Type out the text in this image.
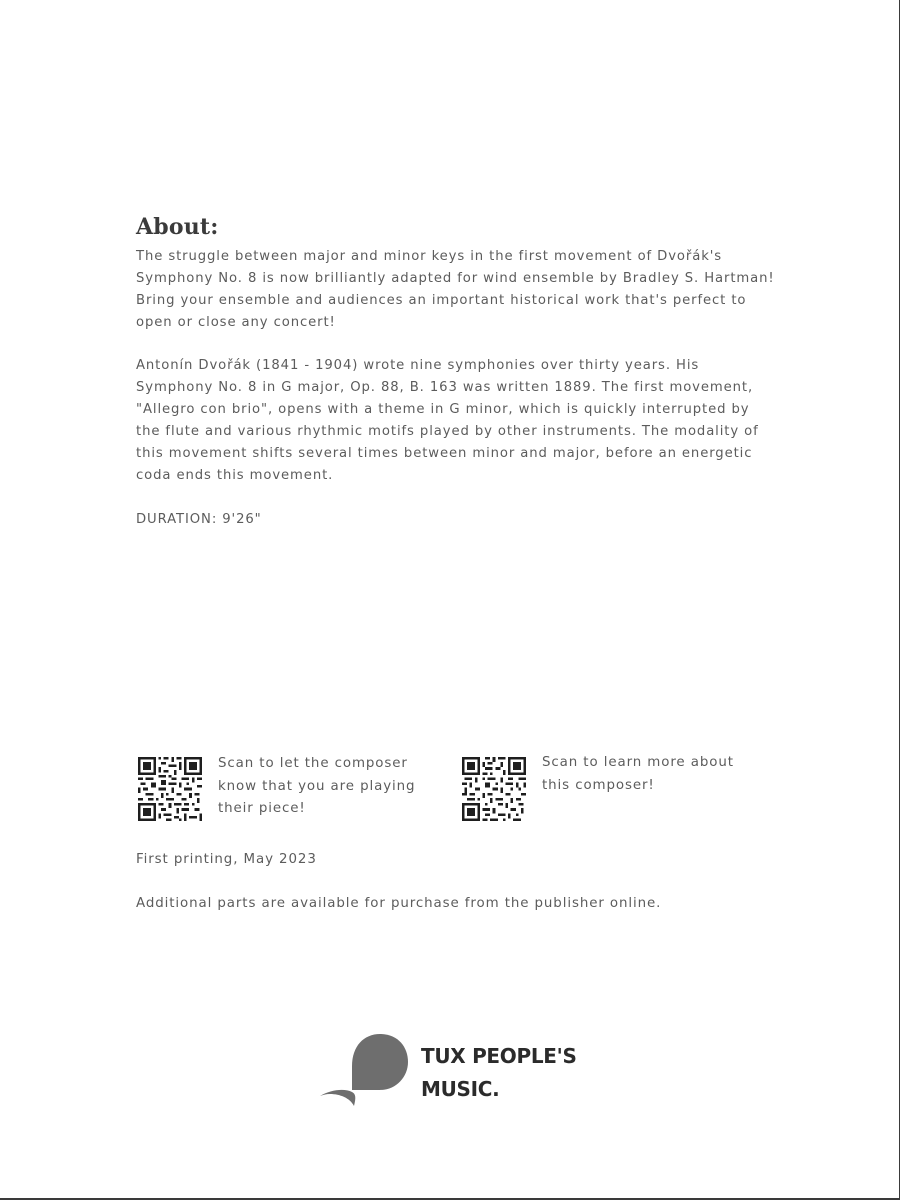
About:

The struggle between major and minor keys in the first movement of Dvořák's Symphony No. 8 is now brilliantly adapted for wind ensemble by Bradley S. Hartman! Bring your ensemble and audiences an important historical work that's perfect to open or close any concert!

Antonín Dvořák (1841 - 1904) wrote nine symphonies over thirty years. His Symphony No. 8 in G major, Op. 88, B. 163 was written 1889. The first movement, "Allegro con brio", opens with a theme in G minor, which is quickly interrupted by the flute and various rhythmic motifs played by other instruments. The modality of this movement shifts several times between minor and major, before an energetic coda ends this movement.

DURATION: 9'26"

Scan to let the composer know that you are playing their piece!

Scan to learn more about this composer!

First printing, May 2023

Additional parts are available for purchase from the publisher online.

TUX PEOPLE'S
MUSIC.
